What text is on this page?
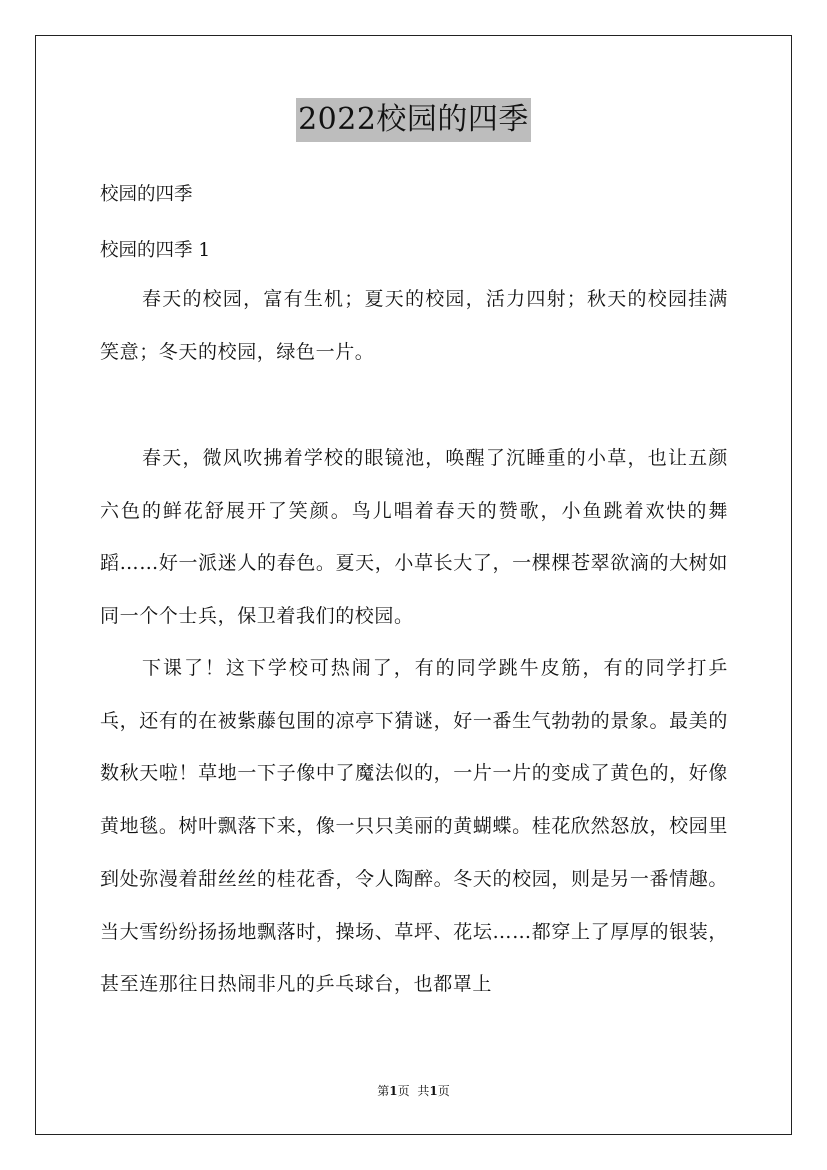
2022校园的四季
校园的四季
校园的四季 1
春天的校园，富有生机；夏天的校园，活力四射；秋天的校园挂满笑意；冬天的校园，绿色一片。
春天，微风吹拂着学校的眼镜池，唤醒了沉睡重的小草，也让五颜六色的鲜花舒展开了笑颜。鸟儿唱着春天的赞歌，小鱼跳着欢快的舞蹈……好一派迷人的春色。夏天，小草长大了，一棵棵苍翠欲滴的大树如同一个个士兵，保卫着我们的校园。
下课了！这下学校可热闹了，有的同学跳牛皮筋，有的同学打乒乓，还有的在被紫藤包围的凉亭下猜谜，好一番生气勃勃的景象。最美的数秋天啦！草地一下子像中了魔法似的，一片一片的变成了黄色的，好像黄地毯。树叶飘落下来，像一只只美丽的黄蝴蝶。桂花欣然怒放，校园里到处弥漫着甜丝丝的桂花香，令人陶醉。冬天的校园，则是另一番情趣。当大雪纷纷扬扬地飘落时，操场、草坪、花坛……都穿上了厚厚的银装，甚至连那往日热闹非凡的乒乓球台，也都罩上
第1页 共1页
